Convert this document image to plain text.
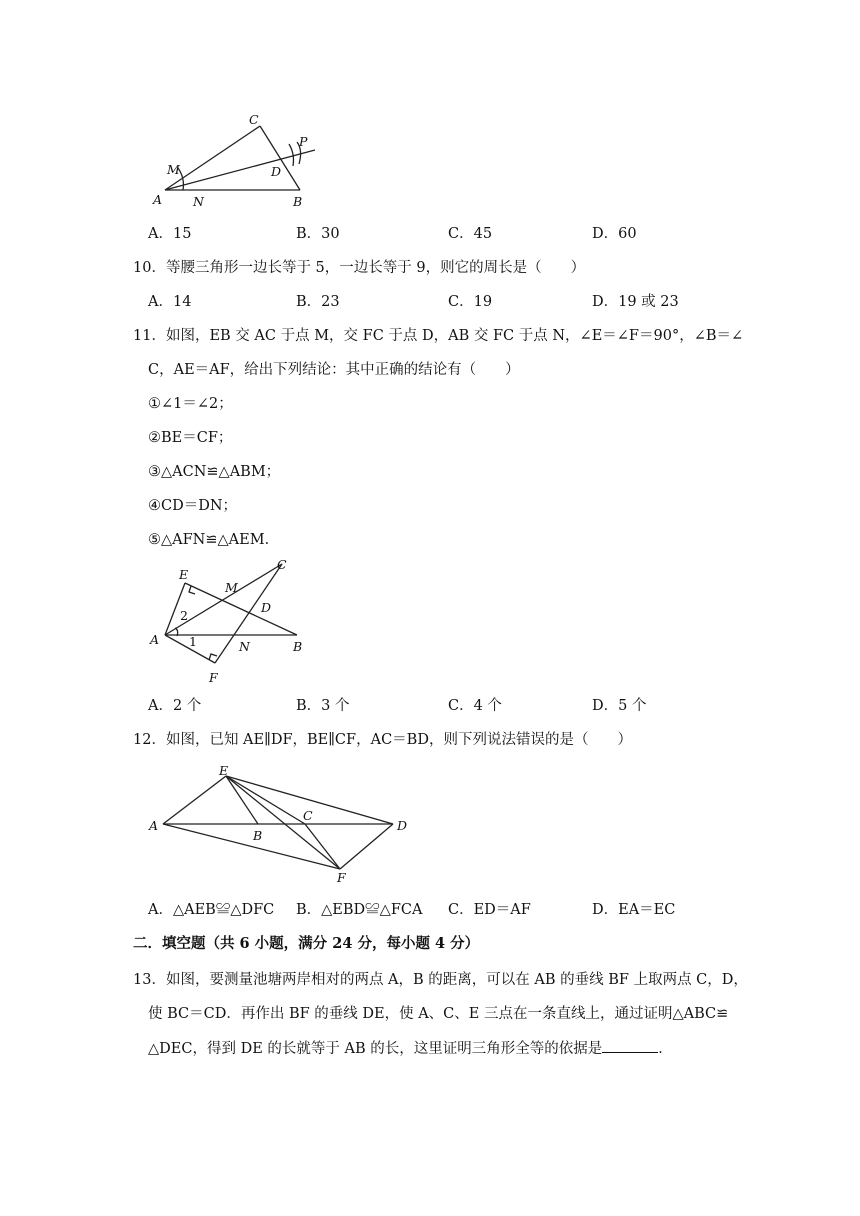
C
P
M	D
A N	B
A．15	B．30	C．45	D．60
10．等腰三角形一边长等于 5，一边长等于 9，则它的周长是（　　）
A．14	B．23	C．19	D．19 或 23
11．如图，EB 交 AC 于点 M，交 FC 于点 D，AB 交 FC 于点 N，∠E＝∠F＝90°，∠B＝∠
C，AE＝AF，给出下列结论：其中正确的结论有（　　）
①∠1＝∠2；
②BE＝CF；
③△ACN≌△ABM；
④CD＝DN；
⑤△AFN≌△AEM．
E
M
C
2
D
A 1	N	B
F
A．2 个	B．3 个	C．4 个	D．5 个
12．如图，已知 AE∥DF，BE∥CF，AC＝BD，则下列说法错误的是（　　）
E
A
C
B
D
F
A．△AEB≌△DFC B．△EBD≌△FCA C．ED＝AF	D．EA＝EC
二．填空题（共 6 小题，满分 24 分，每小题 4 分）
13．如图，要测量池塘两岸相对的两点 A，B 的距离，可以在 AB 的垂线 BF 上取两点 C，D，
使 BC＝CD．再作出 BF 的垂线 DE，使 A、C、E 三点在一条直线上，通过证明△ABC≌
△DEC，得到 DE 的长就等于 AB 的长，这里证明三角形全等的依据是	．
